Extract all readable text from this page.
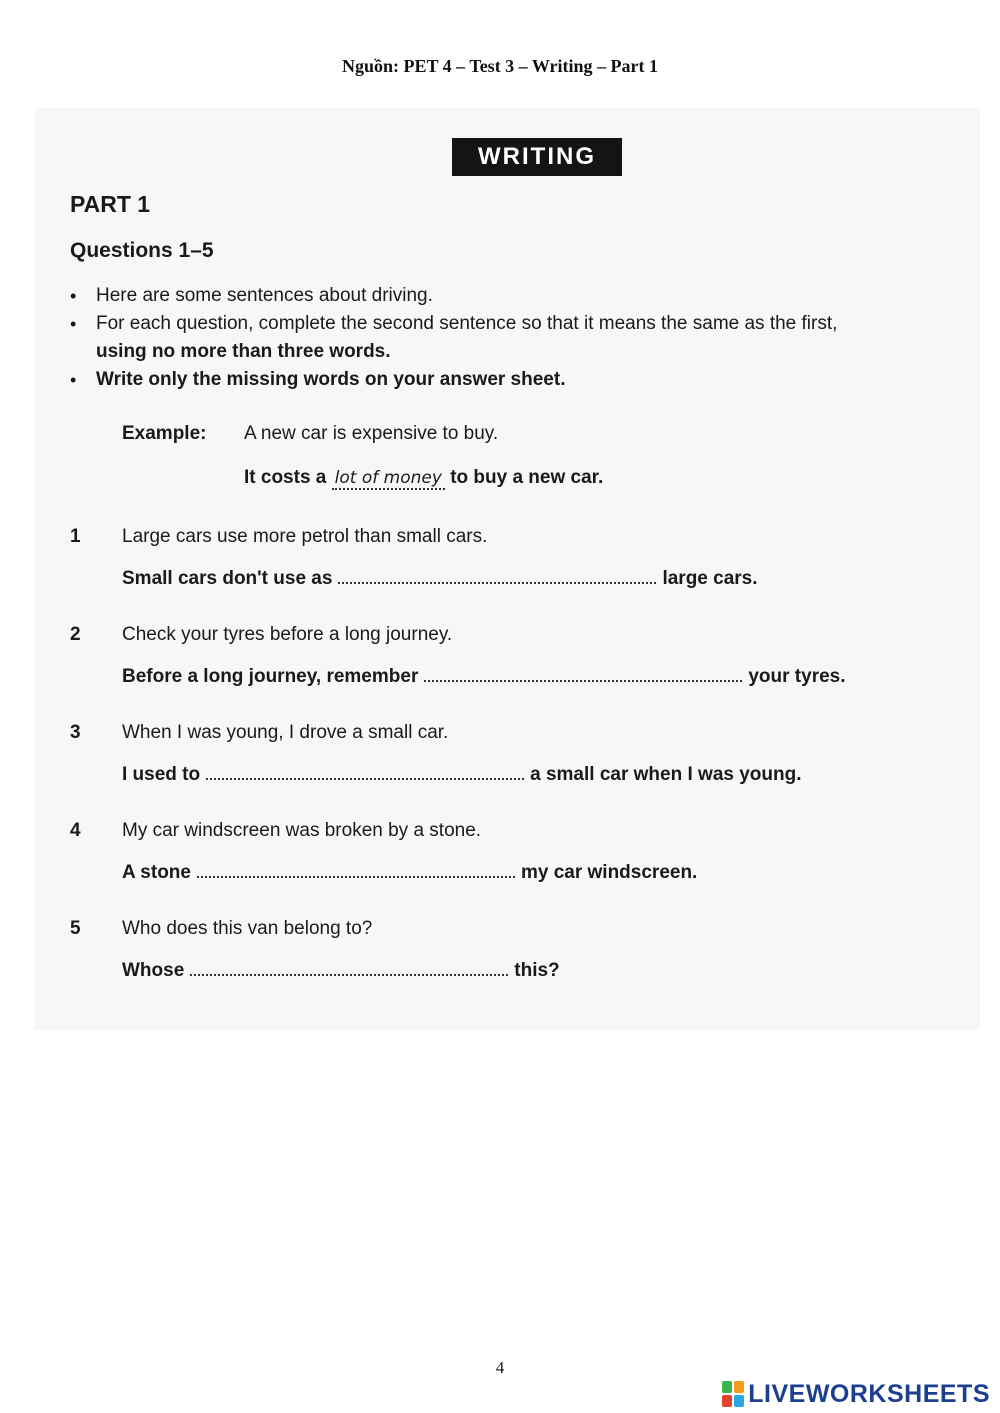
Nguồn: PET 4 – Test 3 – Writing – Part 1
WRITING
PART 1
Questions 1–5
• Here are some sentences about driving.
• For each question, complete the second sentence so that it means the same as the first,
using no more than three words.
• Write only the missing words on your answer sheet.
Example: A new car is expensive to buy.
It costs a lot of money to buy a new car.
1 Large cars use more petrol than small cars.
Small cars don't use as	large cars.
2 Check your tyres before a long journey.
Before a long journey, remember	your tyres.
3 When I was young, I drove a small car.
I used to	a small car when I was young.
4 My car windscreen was broken by a stone.
A stone	my car windscreen.
5 Who does this van belong to?
Whose	this?
4
LIVEWORKSHEETS
